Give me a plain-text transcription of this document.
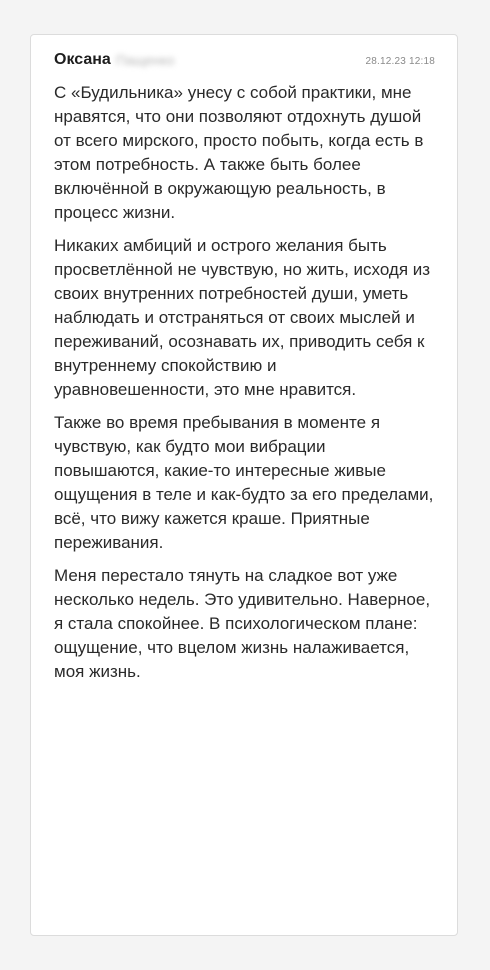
Оксана Пащенко	28.12.23 12:18

С «Будильника» унесу с собой практики, мне нравятся, что они позволяют отдохнуть душой от всего мирского, просто побыть, когда есть в этом потребность. А также быть более включённой в окружающую реальность, в процесс жизни.

Никаких амбиций и острого желания быть просветлённой не чувствую, но жить, исходя из своих внутренних потребностей души, уметь наблюдать и отстраняться от своих мыслей и переживаний, осознавать их, приводить себя к внутреннему спокойствию и уравновешенности, это мне нравится.

Также во время пребывания в моменте я чувствую, как будто мои вибрации повышаются, какие-то интересные живые ощущения в теле и как-будто за его пределами, всё, что вижу кажется краше. Приятные переживания.

Меня перестало тянуть на сладкое вот уже несколько недель. Это удивительно. Наверное, я стала спокойнее. В психологическом плане: ощущение, что вцелом жизнь налаживается, моя жизнь.
